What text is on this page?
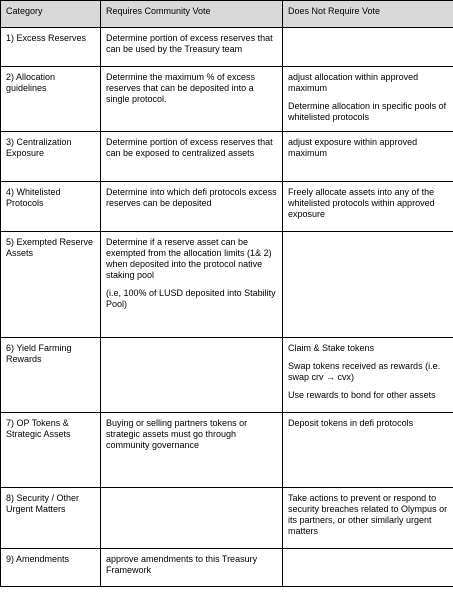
Category	Requires Community Vote	Does Not Require Vote
1) Excess Reserves	Determine portion of excess reserves that can be used by the Treasury team	

2) Allocation guidelines	Determine the maximum % of excess reserves that can be deposited into a single protocol.	adjust allocation within approved maximum

Determine allocation in specific pools of whitelisted protocols

3) Centralization Exposure	Determine portion of excess reserves that can be exposed to centralized assets	adjust exposure within approved maximum

4) Whitelisted Protocols	Determine into which defi protocols excess reserves can be deposited	Freely allocate assets into any of the whitelisted protocols within approved exposure

5) Exempted Reserve Assets	Determine if a reserve asset can be exempted from the allocation limits (1& 2) when deposited into the protocol native staking pool

(i.e, 100% of LUSD deposited into Stability Pool)	

6) Yield Farming Rewards		Claim & Stake tokens

Swap tokens received as rewards (i.e. swap crv → cvx)

Use rewards to bond for other assets

7) OP Tokens & Strategic Assets	Buying or selling partners tokens or strategic assets must go through community governance	Deposit tokens in defi protocols

8) Security / Other Urgent Matters		Take actions to prevent or respond to security breaches related to Olympus or its partners, or other similarly urgent matters

9) Amendments	approve amendments to this Treasury Framework	
